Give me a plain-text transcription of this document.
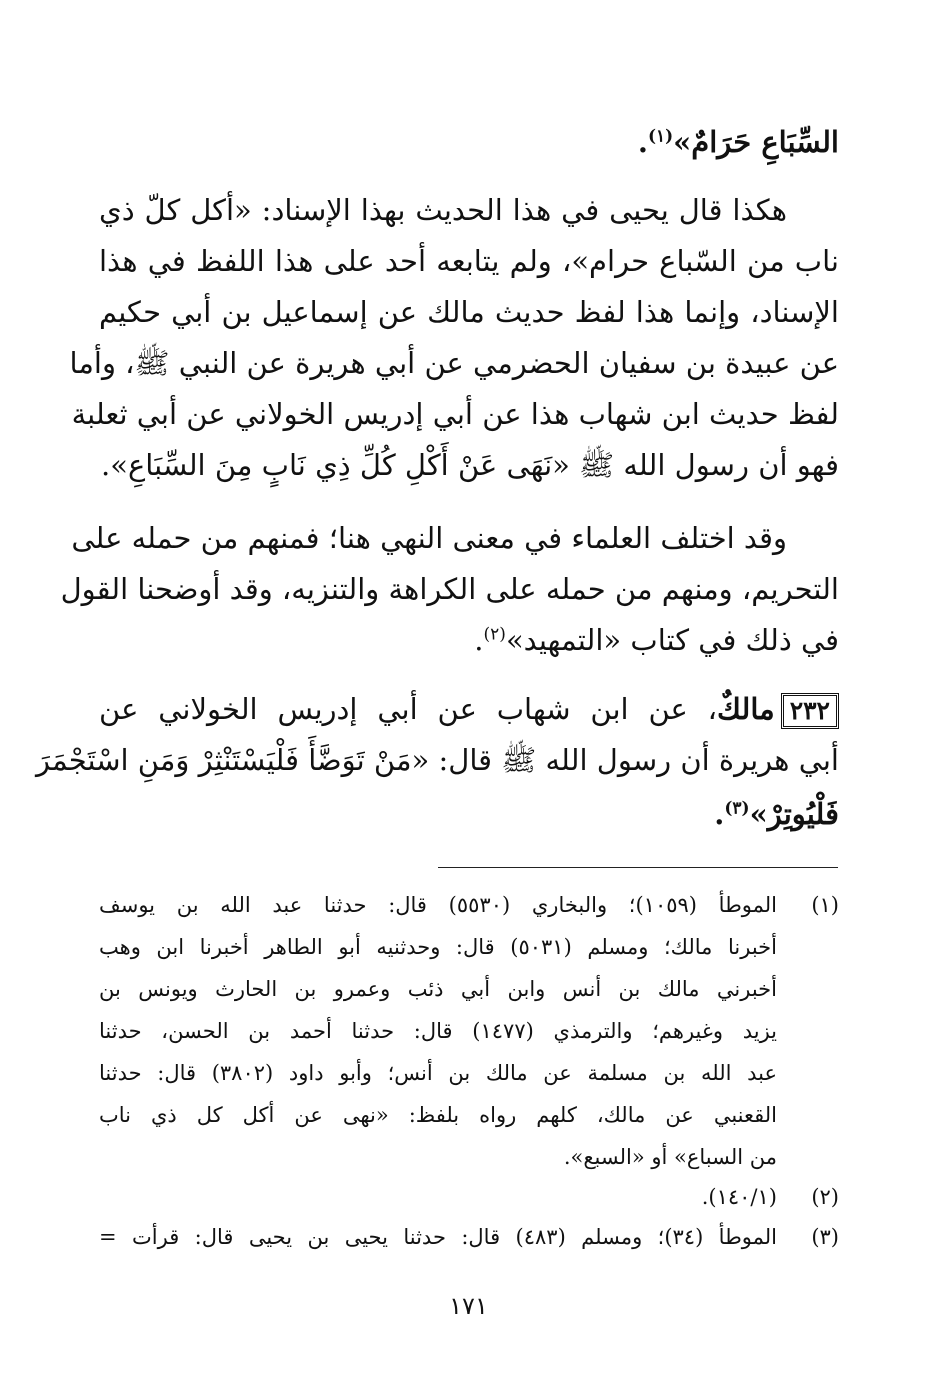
السِّبَاعِ حَرَامٌ»$^{(١)}$.
هكذا قال يحيى في هذا الحديث بهذا الإسناد: «أكل كلّ ذي
ناب من السّباع حرام»، ولم يتابعه أحد على هذا اللفظ في هذا
الإسناد، وإنما هذا لفظ حديث مالك عن إسماعيل بن أبي حكيم
عن عبيدة بن سفيان الحضرمي عن أبي هريرة عن النبي ﷺ، وأما
لفظ حديث ابن شهاب هذا عن أبي إدريس الخولاني عن أبي ثعلبة
فهو أن رسول الله ﷺ «نَهَى عَنْ أَكْلِ كُلِّ ذِي نَابٍ مِنَ السِّبَاعِ».
وقد اختلف العلماء في معنى النهي هنا؛ فمنهم من حمله على
التحريم، ومنهم من حمله على الكراهة والتنزيه، وقد أوضحنا القول
في ذلك في كتاب «التمهيد»$^{(٢)}$.
٢٣٢مالكٌ، عن ابن شهاب عن أبي إدريس الخولاني عن
أبي هريرة أن رسول الله ﷺ قال: «مَنْ تَوَضَّأَ فَلْيَسْتَنْثِرْ وَمَنِ اسْتَجْمَرَ
فَلْيُوتِرْ»$^{(٣)}$.
(١)
الموطأ (١٠٥٩)؛ والبخاري (٥٥٣٠) قال: حدثنا عبد الله بن يوسف
أخبرنا مالك؛ ومسلم (٥٠٣١) قال: وحدثنيه أبو الطاهر أخبرنا ابن وهب
أخبرني مالك بن أنس وابن أبي ذئب وعمرو بن الحارث ويونس بن
يزيد وغيرهم؛ والترمذي (١٤٧٧) قال: حدثنا أحمد بن الحسن، حدثنا
عبد الله بن مسلمة عن مالك بن أنس؛ وأبو داود (٣٨٠٢) قال: حدثنا
القعنبي عن مالك، كلهم رواه بلفظ: «نهى عن أكل كل ذي ناب
من السباع» أو «السبع».
(٢)
(١٤٠/١).
(٣)
الموطأ (٣٤)؛ ومسلم (٤٨٣) قال: حدثنا يحيى بن يحيى قال: قرأت =
١٧١
